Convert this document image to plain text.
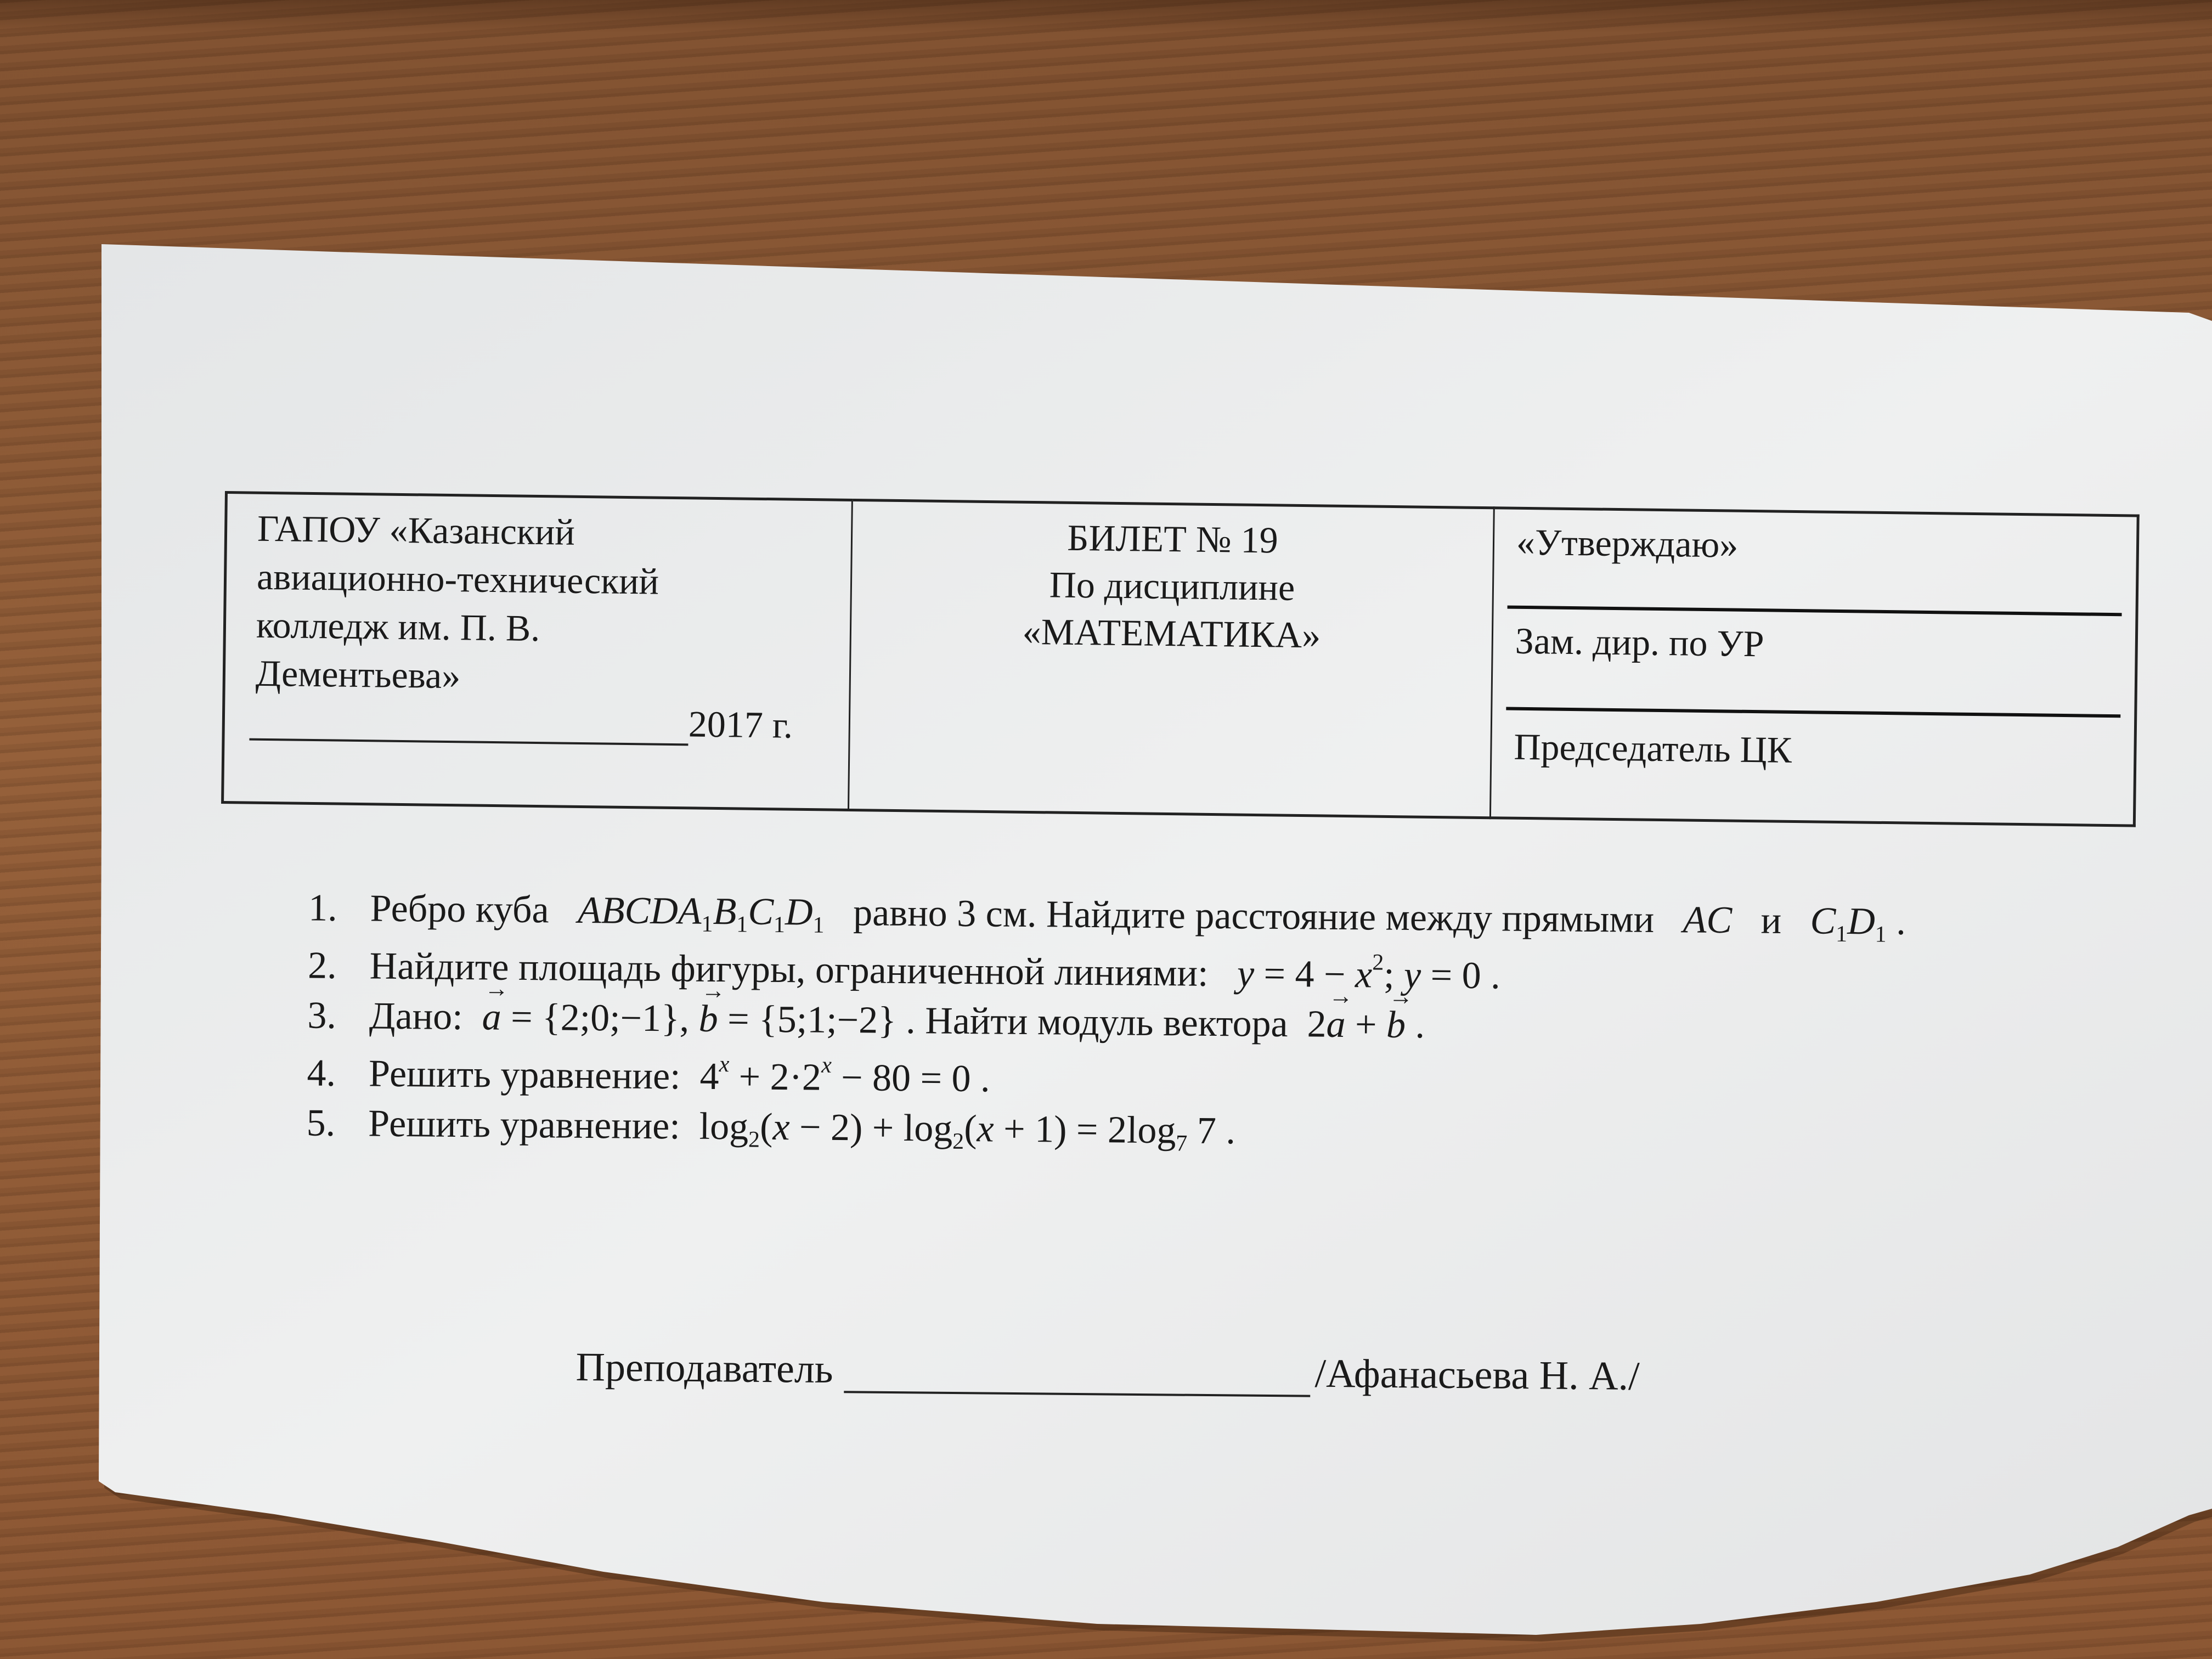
ГАПОУ «Казанский
авиационно-технический
колледж им. П. В.
Дементьева»
2017 г.
БИЛЕТ № 19
По дисциплине
«МАТЕМАТИКА»
«Утверждаю»
Зам. дир. по УР
Председатель ЦК
1. Ребро куба $ABCDA_1B_1C_1D_1$ равно 3 см. Найдите расстояние между прямыми AC и $C_1D_1$ .
2. Найдите площадь фигуры, ограниченной линиями: $y = 4 - x^2$; y = 0 .
3. Дано:  → a = {2;0;−1}, → b = {5;1;−2} . Найти модуль вектора  2→ a + → b .
4. Решить уравнение: $4^x + 2\cdot 2^x - 80 = 0$ .
5. Решить уравнение: $\log_2(x - 2) + \log_2(x + 1) = 2\log_7$ 7 .
Преподаватель	/Афанасьева Н. А./
